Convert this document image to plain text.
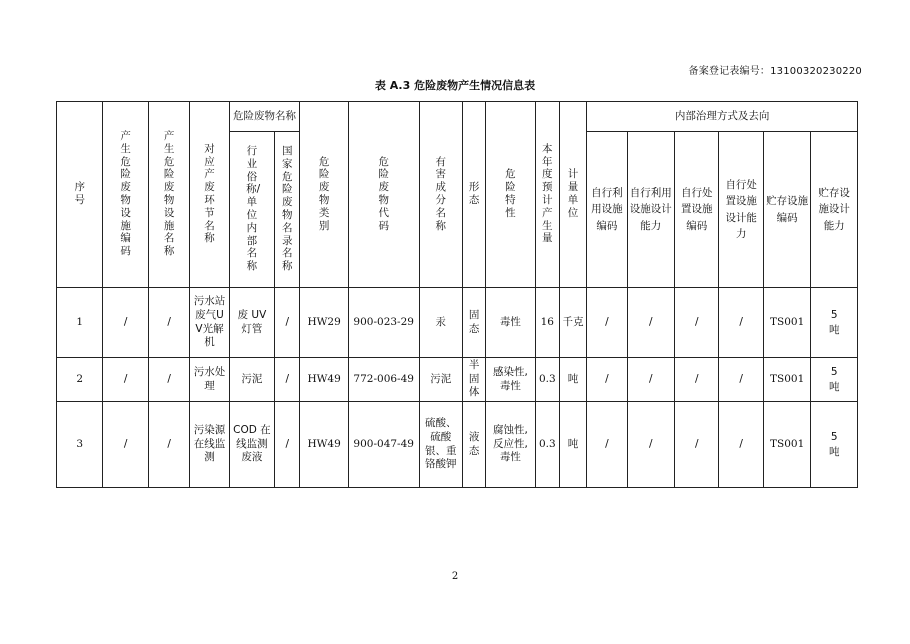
备案登记表编号：13100320230220
表 A.3 危险废物产生情况信息表
序号	产生危险废物设施编码	产生危险废物设施名称	对应产废环节名称	危险废物名称		危险废物类别	危险废物代码	有害成分名称	形态	危险特性	本年度预计产生量	计量单位	内部治理方式及去向					
				行业俗称/单位内部名称	国家危险废物名录名称								自行利用设施编码	自行利用设施设计能力	自行处置设施编码	自行处置设施设计能力	贮存设施编码	贮存设施设计能力
1	/	/	污水站废气UV光解机	废 UV 灯管	/	HW29	900-023-29	汞	固态	毒性	16	千克	/	/	/	/	TS001	5
吨
2	/	/	污水处理	污泥	/	HW49	772-006-49	污泥	半固体	感染性,毒性	0.3	吨	/	/	/	/	TS001	5
吨
3	/	/	污染源在线监测	COD 在线监测废液	/	HW49	900-047-49	硫酸、硫酸银、重铬酸钾	液态	腐蚀性,反应性,毒性	0.3	吨	/	/	/	/	TS001	5
吨
2
